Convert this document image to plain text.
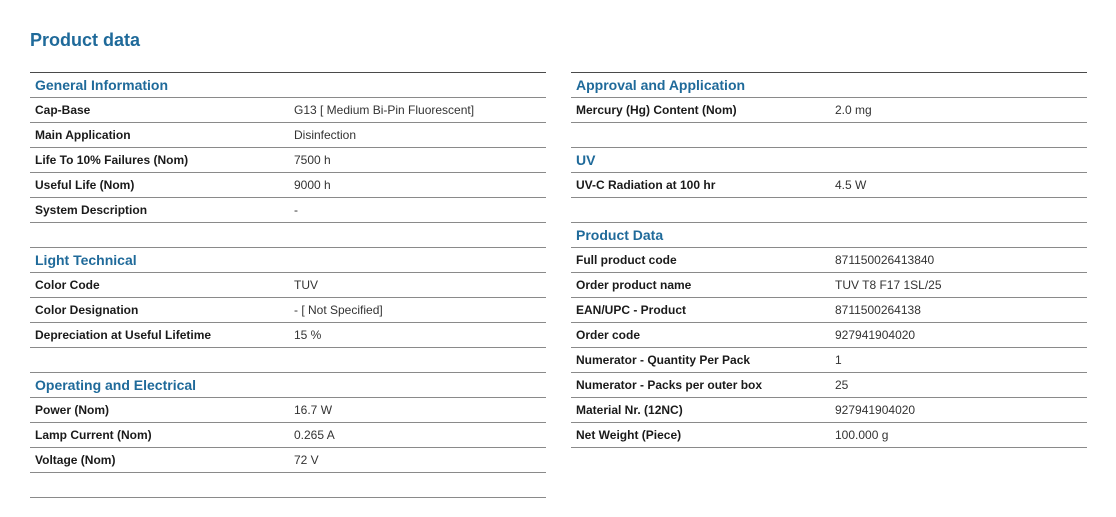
Product data
General Information
Cap-Base	G13 [ Medium Bi-Pin Fluorescent]
Main Application	Disinfection
Life To 10% Failures (Nom)	7500 h
Useful Life (Nom)	9000 h
System Description	-
Light Technical
Color Code	TUV
Color Designation	- [ Not Specified]
Depreciation at Useful Lifetime	15 %
Operating and Electrical
Power (Nom)	16.7 W
Lamp Current (Nom)	0.265 A
Voltage (Nom)	72 V
Approval and Application
Mercury (Hg) Content (Nom)	2.0 mg
UV
UV-C Radiation at 100 hr	4.5 W
Product Data
Full product code	871150026413840
Order product name	TUV T8 F17 1SL/25
EAN/UPC - Product	8711500264138
Order code	927941904020
Numerator - Quantity Per Pack	1
Numerator - Packs per outer box	25
Material Nr. (12NC)	927941904020
Net Weight (Piece)	100.000 g
